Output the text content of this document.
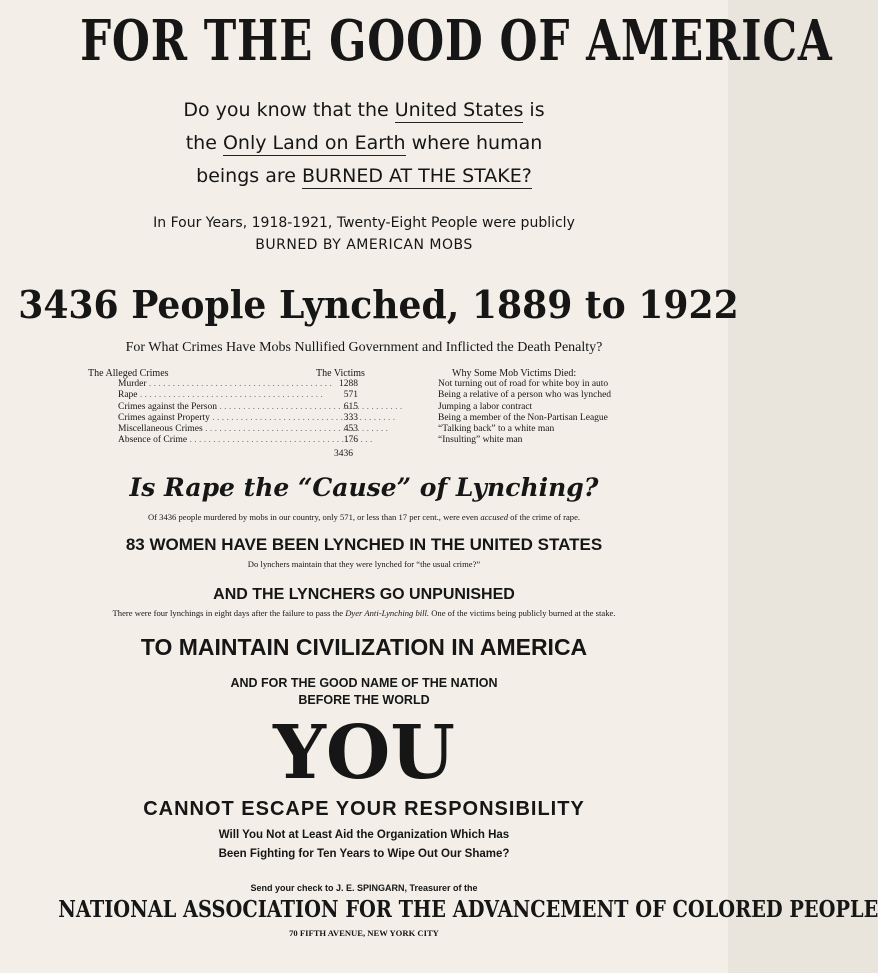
FOR THE GOOD OF AMERICA
Do you know that the United States is
the Only Land on Earth where human
beings are BURNED AT THE STAKE?
In Four Years, 1918-1921, Twenty-Eight People were publicly
BURNED BY AMERICAN MOBS
3436 People Lynched, 1889 to 1922
For What Crimes Have Mobs Nullified Government and Inflicted the Death Penalty?
The Alleged Crimes	The Victims
Murder . . .	1288
Rape . . .	571
Crimes against the Person . . .	615
Crimes against Property . . .	333
Miscellaneous Crimes . . .	453
Absence of Crime . . .	176
3436
Why Some Mob Victims Died:
Not turning out of road for white boy in auto
Being a relative of a person who was lynched
Jumping a labor contract
Being a member of the Non-Partisan League
“Talking back” to a white man
“Insulting” white man
Is Rape the “Cause” of Lynching?
Of 3436 people murdered by mobs in our country, only 571, or less than 17 per cent., were even accused of the crime of rape.
83 WOMEN HAVE BEEN LYNCHED IN THE UNITED STATES
Do lynchers maintain that they were lynched for “the usual crime?”
AND THE LYNCHERS GO UNPUNISHED
There were four lynchings in eight days after the failure to pass the Dyer Anti-Lynching bill. One of the victims being publicly burned at the stake.
TO MAINTAIN CIVILIZATION IN AMERICA
AND FOR THE GOOD NAME OF THE NATION
BEFORE THE WORLD
YOU
CANNOT ESCAPE YOUR RESPONSIBILITY
Will You Not at Least Aid the Organization Which Has
Been Fighting for Ten Years to Wipe Out Our Shame?
Send your check to J. E. SPINGARN, Treasurer of the
NATIONAL ASSOCIATION FOR THE ADVANCEMENT OF COLORED PEOPLE
70 FIFTH AVENUE, NEW YORK CITY
